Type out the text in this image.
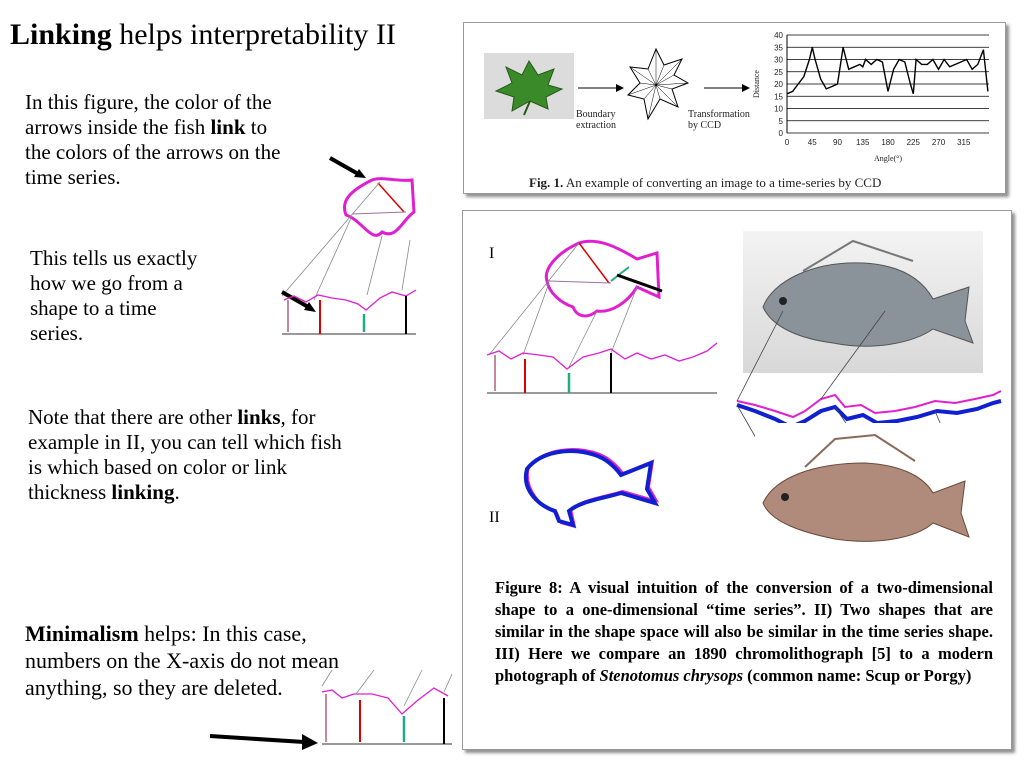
Linking helps interpretability II
In this figure, the color of the arrows inside the fish link to the colors of the arrows on the time series.
This tells us exactly how we go from a shape to a time series.
Note that there are other links, for example in II, you can tell which fish is which based on color or link thickness linking.
Minimalism helps: In this case, numbers on the X-axis do not mean anything, so they are deleted.
Boundary
extraction
Transformation
by CCD
0
5
10
15
20
25
30
35
40
0 45 90 135 180 225 270 315
Angle(°)
Distance
Fig. 1. An example of converting an image to a time-series by CCD
I
II
Figure 8: A visual intuition of the conversion of a two-dimensional shape to a one-dimensional “time series”. II) Two shapes that are similar in the shape space will also be similar in the time series shape. III) Here we compare an 1890 chromolithograph [5] to a modern photograph of Stenotomus chrysops (common name: Scup or Porgy)
